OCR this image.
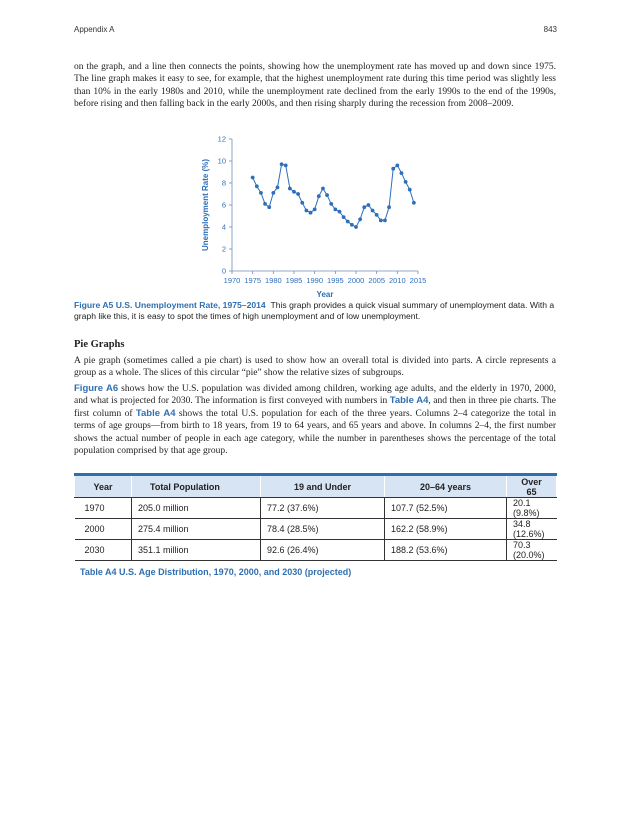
Appendix A	843

on the graph, and a line then connects the points, showing how the unemployment rate has moved up and down since 1975. The line graph makes it easy to see, for example, that the highest unemployment rate during this time period was slightly less than 10% in the early 1980s and 2010, while the unemployment rate declined from the early 1990s to the end of the 1990s, before rising and then falling back in the early 2000s, and then rising sharply during the recession from 2008–2009.

0
2
4
6
8
10
12
1970 1975 1980 1985 1990 1995 2000 2005 2010 2015
Year
Unemployment Rate (%)

Figure A5 U.S. Unemployment Rate, 1975–2014 This graph provides a quick visual summary of unemployment data. With a graph like this, it is easy to spot the times of high unemployment and of low unemployment.

Pie Graphs

A pie graph (sometimes called a pie chart) is used to show how an overall total is divided into parts. A circle represents a group as a whole. The slices of this circular “pie” show the relative sizes of subgroups.

Figure A6 shows how the U.S. population was divided among children, working age adults, and the elderly in 1970, 2000, and what is projected for 2030. The information is first conveyed with numbers in Table A4, and then in three pie charts. The first column of Table A4 shows the total U.S. population for each of the three years. Columns 2–4 categorize the total in terms of age groups—from birth to 18 years, from 19 to 64 years, and 65 years and above. In columns 2–4, the first number shows the actual number of people in each age category, while the number in parentheses shows the percentage of the total population comprised by that age group.

Year	Total Population	19 and Under	20–64 years	Over 65
1970	205.0 million	77.2 (37.6%)	107.7 (52.5%)	20.1 (9.8%)
2000	275.4 million	78.4 (28.5%)	162.2 (58.9%)	34.8 (12.6%)
2030	351.1 million	92.6 (26.4%)	188.2 (53.6%)	70.3 (20.0%)

Table A4 U.S. Age Distribution, 1970, 2000, and 2030 (projected)
